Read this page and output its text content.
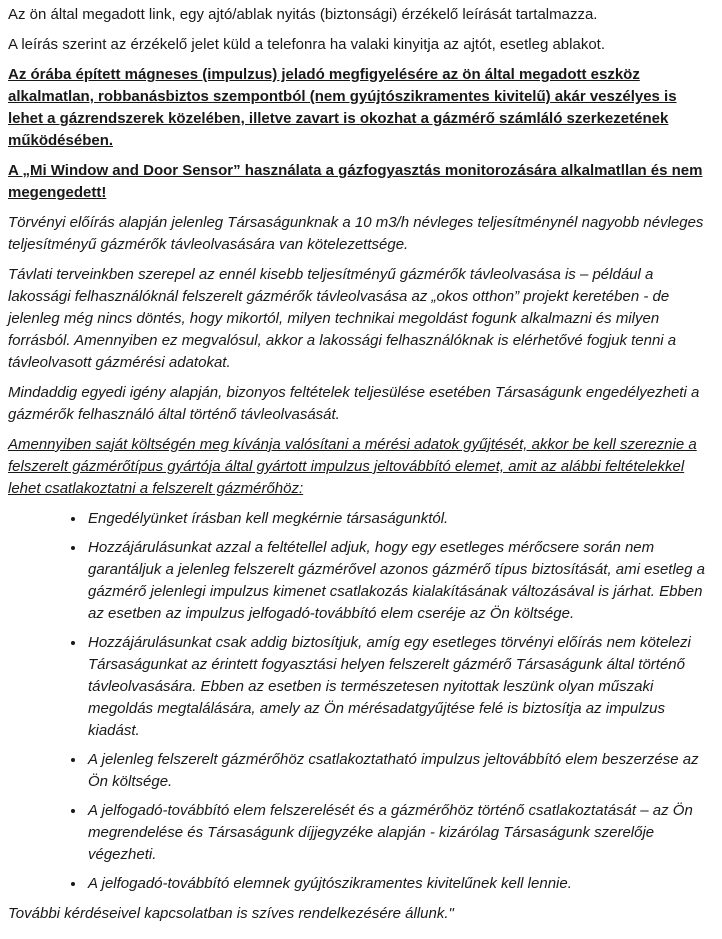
Az ön által megadott link, egy ajtó/ablak nyitás (biztonsági) érzékelő leírását tartalmazza.

A leírás szerint az érzékelő jelet küld a telefonra ha valaki kinyitja az ajtót, esetleg ablakot.

Az órába épített mágneses (impulzus) jeladó megfigyelésére az ön által megadott eszköz alkalmatlan, robbanásbiztos szempontból (nem gyújtószikramentes kivitelű) akár veszélyes is lehet a gázrendszerek közelében, illetve zavart is okozhat a gázmérő számláló szerkezetének működésében.

A „Mi Window and Door Sensor” használata a gázfogyasztás monitorozására alkalmatllan és nem megengedett!

Törvényi előírás alapján jelenleg Társaságunknak a 10 m3/h névleges teljesítménynél nagyobb névleges teljesítményű gázmérők távleolvasására van kötelezettsége.

Távlati terveinkben szerepel az ennél kisebb teljesítményű gázmérők távleolvasása is – például a lakossági felhasználóknál felszerelt gázmérők távleolvasása az „okos otthon” projekt keretében - de jelenleg még nincs döntés, hogy mikortól, milyen technikai megoldást fogunk alkalmazni és milyen forrásból. Amennyiben ez megvalósul, akkor a lakossági felhasználóknak is elérhetővé fogjuk tenni a távleolvasott gázmérési adatokat.

Mindaddig egyedi igény alapján, bizonyos feltételek teljesülése esetében Társaságunk engedélyezheti a gázmérők felhasználó által történő távleolvasását.

Amennyiben saját költségén meg kívánja valósítani a mérési adatok gyűjtését, akkor be kell szereznie a felszerelt gázmérőtípus gyártója által gyártott impulzus jeltovábbító elemet, amit az alábbi feltételekkel lehet csatlakoztatni a felszerelt gázmérőhöz:

• Engedélyünket írásban kell megkérnie társaságunktól.
• Hozzájárulásunkat azzal a feltétellel adjuk, hogy egy esetleges mérőcsere során nem garantáljuk a jelenleg felszerelt gázmérővel azonos gázmérő típus biztosítását, ami esetleg a gázmérő jelenlegi impulzus kimenet csatlakozás kialakításának változásával is járhat. Ebben az esetben az impulzus jelfogadó-továbbító elem cseréje az Ön költsége.
• Hozzájárulásunkat csak addig biztosítjuk, amíg egy esetleges törvényi előírás nem kötelezi Társaságunkat az érintett fogyasztási helyen felszerelt gázmérő Társaságunk által történő távleolvasására. Ebben az esetben is természetesen nyitottak leszünk olyan műszaki megoldás megtalálására, amely az Ön mérésadatgyűjtése felé is biztosítja az impulzus kiadást.
• A jelenleg felszerelt gázmérőhöz csatlakoztatható impulzus jeltovábbító elem beszerzése az Ön költsége.
• A jelfogadó-továbbító elem felszerelését és a gázmérőhöz történő csatlakoztatását – az Ön megrendelése és Társaságunk díjjegyzéke alapján - kizárólag Társaságunk szerelője végezheti.
• A jelfogadó-továbbító elemnek gyújtószikramentes kivitelűnek kell lennie.

További kérdéseivel kapcsolatban is szíves rendelkezésére állunk."
